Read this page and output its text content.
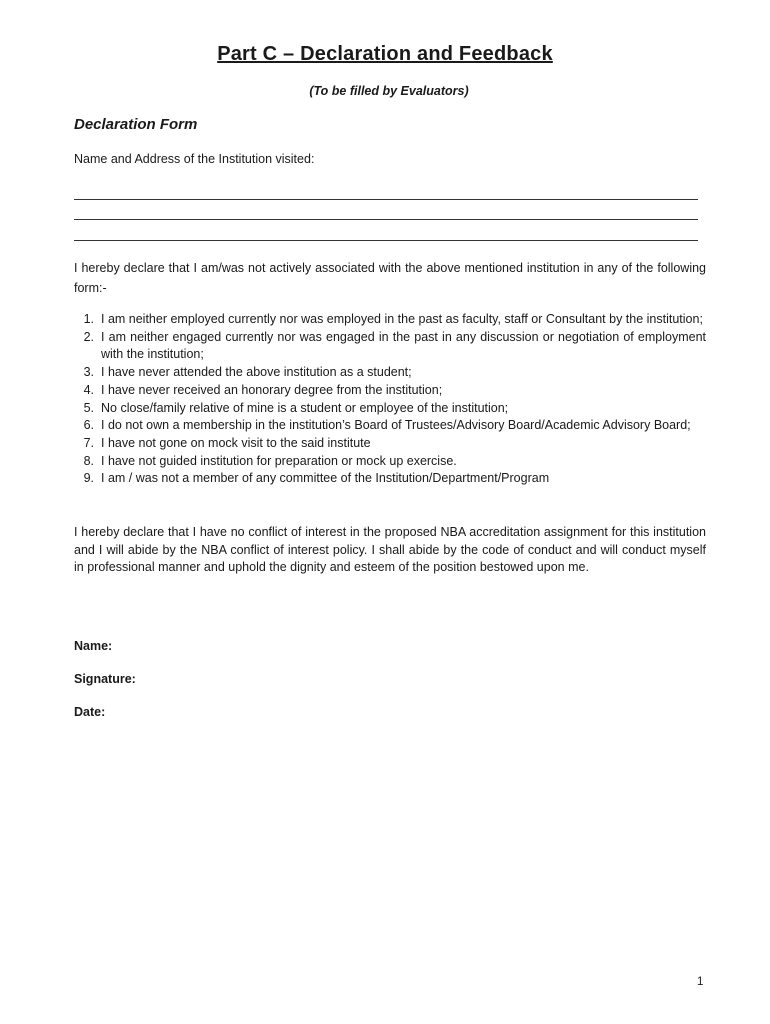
Part C – Declaration and Feedback
(To be filled by Evaluators)
Declaration Form
Name and Address of the Institution visited:
I hereby declare that I am/was not actively associated with the above mentioned institution in any of the following form:-
1. I am neither employed currently nor was employed in the past as faculty, staff or Consultant by the institution;
2. I am neither engaged currently nor was engaged in the past in any discussion or negotiation of employment with the institution;
3. I have never attended the above institution as a student;
4. I have never received an honorary degree from the institution;
5. No close/family relative of mine is a student or employee of the institution;
6. I do not own a membership in the institution’s Board of Trustees/Advisory Board/Academic Advisory Board;
7. I have not gone on mock visit to the said institute
8. I have not guided institution for preparation or mock up exercise.
9. I am / was not a member of any committee of the Institution/Department/Program
I hereby declare that I have no conflict of interest in the proposed NBA accreditation assignment for this institution and I will abide by the NBA conflict of interest policy. I shall abide by the code of conduct and will conduct myself in professional manner and uphold the dignity and esteem of the position bestowed upon me.
Name:
Signature:
Date:
1
